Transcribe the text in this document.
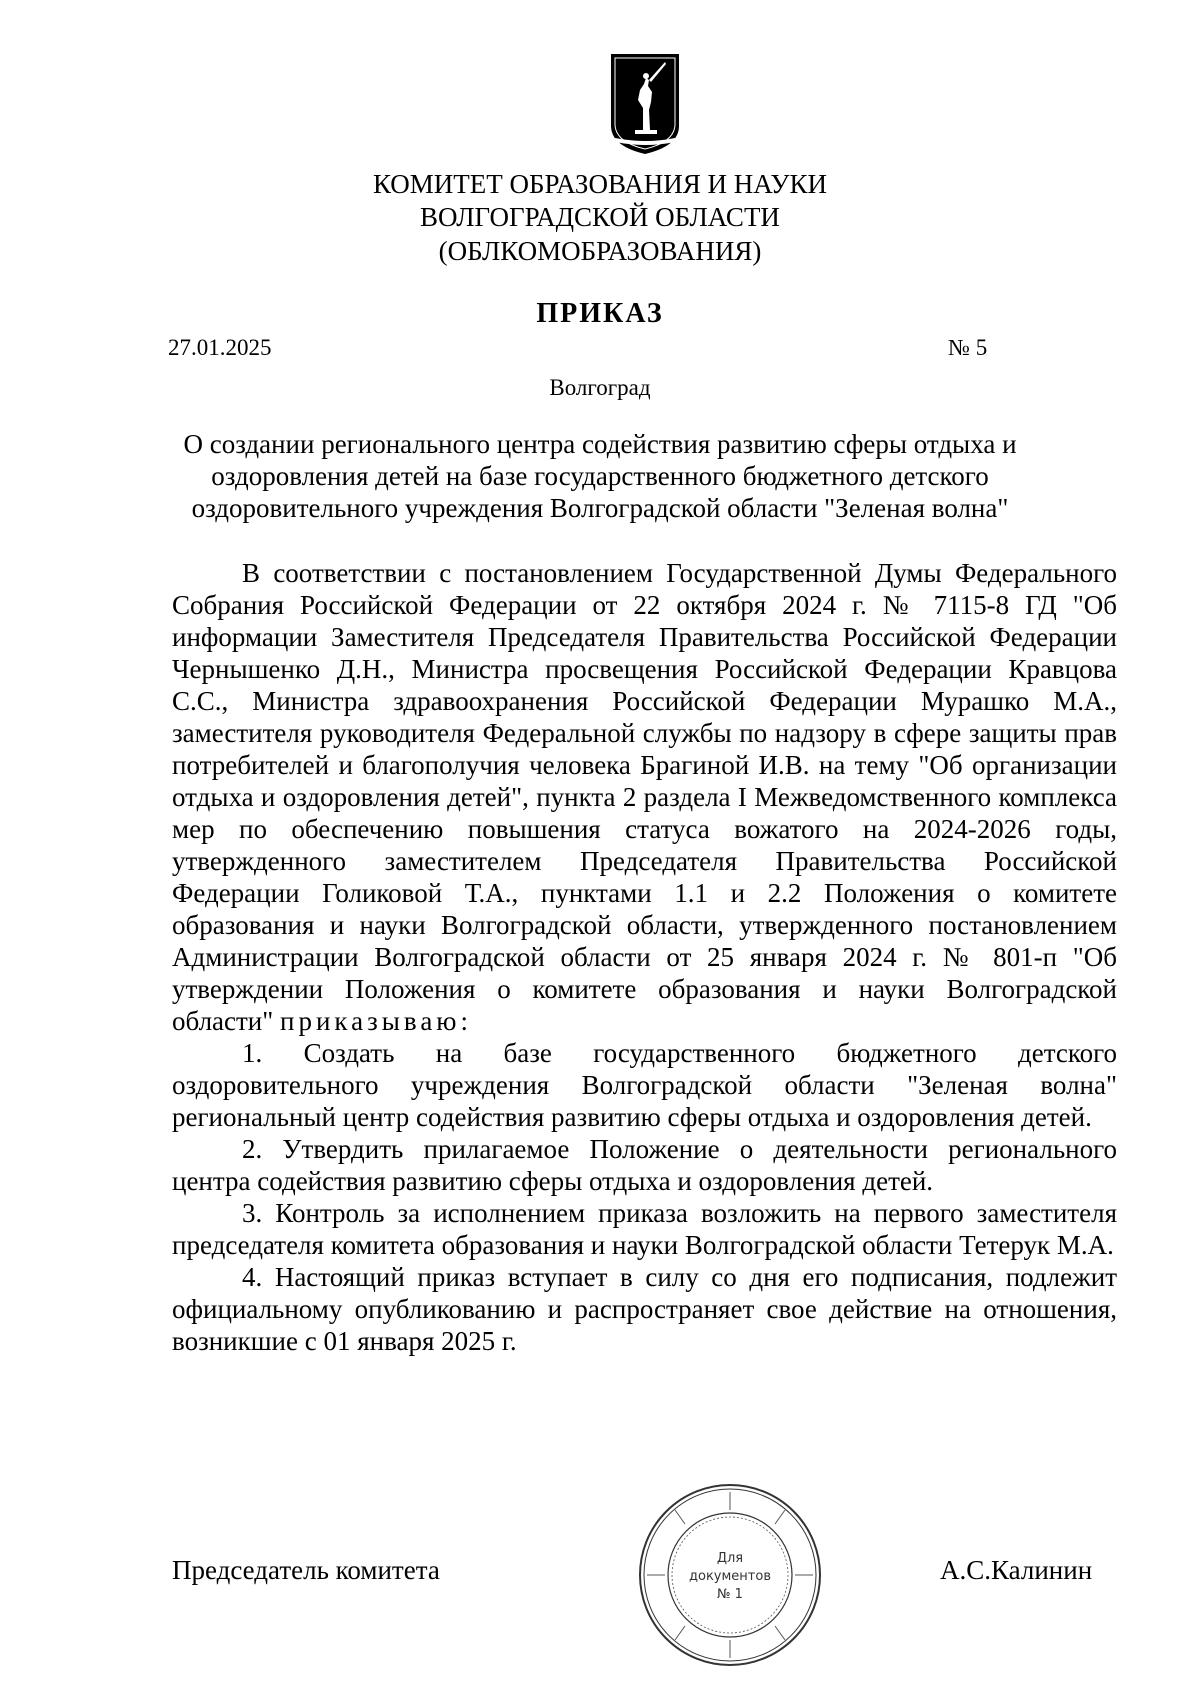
КОМИТЕТ ОБРАЗОВАНИЯ И НАУКИ
ВОЛГОГРАДСКОЙ ОБЛАСТИ
(ОБЛКОМОБРАЗОВАНИЯ)
ПРИКАЗ
27.01.2025	№ 5
Волгоград
О создании регионального центра содействия развитию сферы отдыха и оздоровления детей на базе государственного бюджетного детского оздоровительного учреждения Волгоградской области "Зеленая волна"

В соответствии с постановлением Государственной Думы Федерального Собрания Российской Федерации от 22 октября 2024 г. № 7115-8 ГД "Об информации Заместителя Председателя Правительства Российской Федерации Чернышенко Д.Н., Министра просвещения Российской Федерации Кравцова С.С., Министра здравоохранения Российской Федерации Мурашко М.А., заместителя руководителя Федеральной службы по надзору в сфере защиты прав потребителей и благополучия человека Брагиной И.В. на тему "Об организации отдыха и оздоровления детей", пункта 2 раздела I Межведомственного комплекса мер по обеспечению повышения статуса вожатого на 2024-2026 годы, утвержденного заместителем Председателя Правительства Российской Федерации Голиковой Т.А., пунктами 1.1 и 2.2 Положения о комитете образования и науки Волгоградской области, утвержденного постановлением Администрации Волгоградской области от 25 января 2024 г. № 801-п "Об утверждении Положения о комитете образования и науки Волгоградской области" приказываю:

1. Создать на базе государственного бюджетного детского оздоровительного учреждения Волгоградской области "Зеленая волна" региональный центр содействия развитию сферы отдыха и оздоровления детей.

2. Утвердить прилагаемое Положение о деятельности регионального центра содействия развитию сферы отдыха и оздоровления детей.

3. Контроль за исполнением приказа возложить на первого заместителя председателя комитета образования и науки Волгоградской области Тетерук М.А.

4. Настоящий приказ вступает в силу со дня его подписания, подлежит официальному опубликованию и распространяет свое действие на отношения, возникшие с 01 января 2025 г.

Председатель комитета	А.С.Калинин
Для
документов
№ 1
